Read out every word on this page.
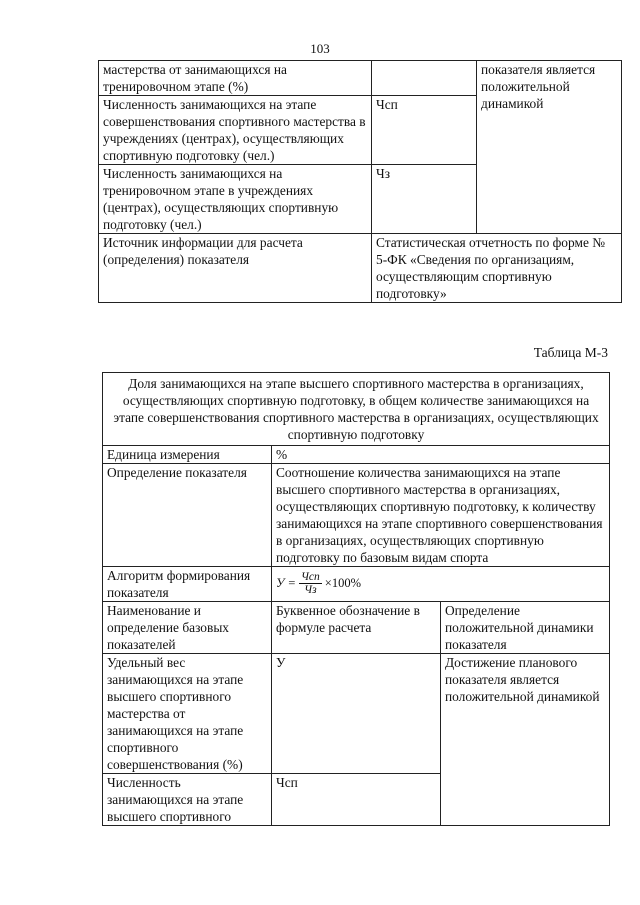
103
мастерства от занимающихся на тренировочном этапе (%)		показателя является положительной динамикой
Численность занимающихся на этапе совершенствования спортивного мастерства в учреждениях (центрах), осуществляющих спортивную подготовку (чел.)	Чсп	
Численность занимающихся на тренировочном этапе в учреждениях (центрах), осуществляющих спортивную подготовку (чел.)	Чз	
Источник информации для расчета (определения) показателя	Статистическая отчетность по форме № 5-ФК «Сведения по организациям, осуществляющим спортивную подготовку»	
Таблица М-3
Доля занимающихся на этапе высшего спортивного мастерства в организациях, осуществляющих спортивную подготовку, в общем количестве занимающихся на этапе совершенствования спортивного мастерства в организациях, осуществляющих спортивную подготовку		
Единица измерения	%	
Определение показателя	Соотношение количества занимающихся на этапе высшего спортивного мастерства в организациях, осуществляющих спортивную подготовку, к количеству занимающихся на этапе спортивного совершенствования в организациях, осуществляющих спортивную подготовку по базовым видам спорта	
Алгоритм формирования показателя	$У = \frac{\text{Чсп}}{Чз} \times 100\%$	

Наименование и определение базовых показателей	Буквенное обозначение в формуле расчета	Определение положительной динамики показателя
Удельный вес занимающихся на этапе высшего спортивного мастерства от занимающихся на этапе спортивного совершенствования (%)	У	Достижение планового показателя является положительной динамикой
Численность занимающихся на этапе высшего спортивного	Чсп	
